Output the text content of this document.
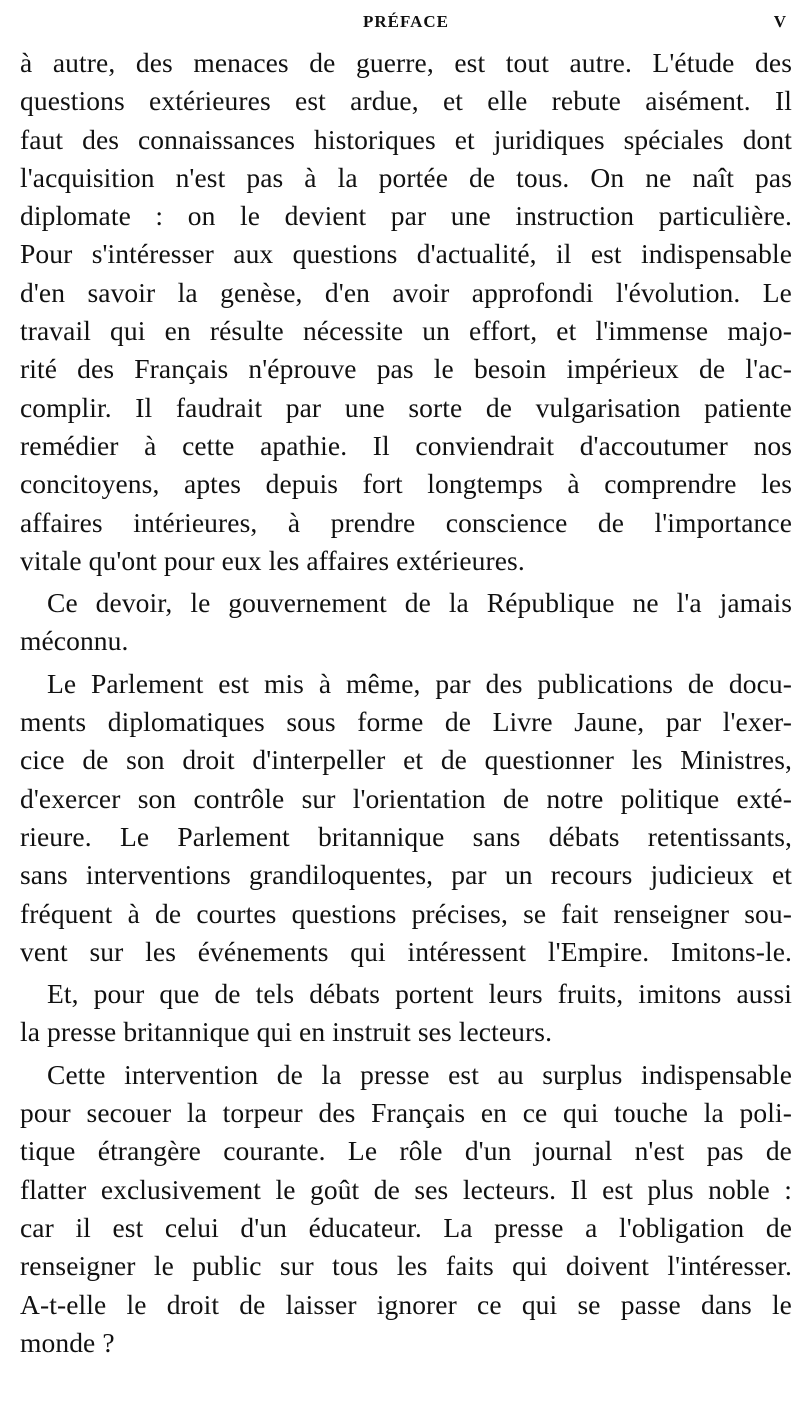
PRÉFACE	V
à autre, des menaces de guerre, est tout autre. L'étude des
questions extérieures est ardue, et elle rebute aisément. Il
faut des connaissances historiques et juridiques spéciales dont
l'acquisition n'est pas à la portée de tous. On ne naît pas
diplomate : on le devient par une instruction particulière.
Pour s'intéresser aux questions d'actualité, il est indispensable
d'en savoir la genèse, d'en avoir approfondi l'évolution. Le
travail qui en résulte nécessite un effort, et l'immense majo-
rité des Français n'éprouve pas le besoin impérieux de l'ac-
complir. Il faudrait par une sorte de vulgarisation patiente
remédier à cette apathie. Il conviendrait d'accoutumer nos
concitoyens, aptes depuis fort longtemps à comprendre les
affaires intérieures, à prendre conscience de l'importance
vitale qu'ont pour eux les affaires extérieures.
Ce devoir, le gouvernement de la République ne l'a jamais
méconnu.
Le Parlement est mis à même, par des publications de docu-
ments diplomatiques sous forme de Livre Jaune, par l'exer-
cice de son droit d'interpeller et de questionner les Ministres,
d'exercer son contrôle sur l'orientation de notre politique exté-
rieure. Le Parlement britannique sans débats retentissants,
sans interventions grandiloquentes, par un recours judicieux et
fréquent à de courtes questions précises, se fait renseigner sou-
vent sur les événements qui intéressent l'Empire. Imitons-le.
Et, pour que de tels débats portent leurs fruits, imitons aussi
la presse britannique qui en instruit ses lecteurs.
Cette intervention de la presse est au surplus indispensable
pour secouer la torpeur des Français en ce qui touche la poli-
tique étrangère courante. Le rôle d'un journal n'est pas de
flatter exclusivement le goût de ses lecteurs. Il est plus noble :
car il est celui d'un éducateur. La presse a l'obligation de
renseigner le public sur tous les faits qui doivent l'intéresser.
A-t-elle le droit de laisser ignorer ce qui se passe dans le
monde ?
